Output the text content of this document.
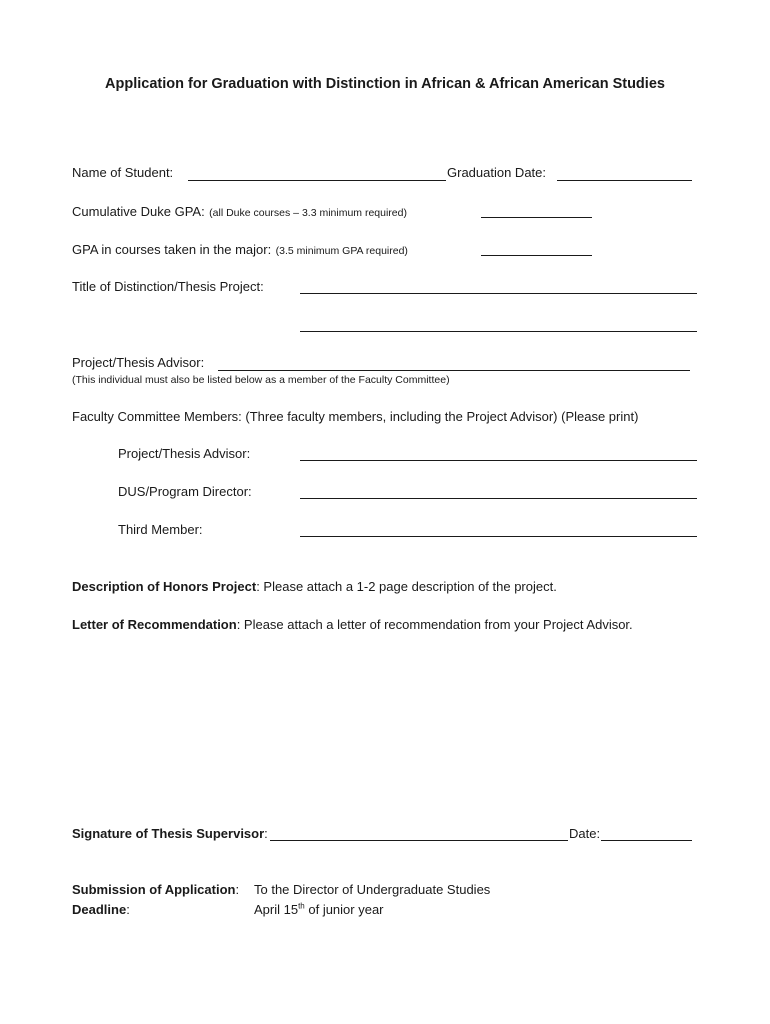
Application for Graduation with Distinction in African & African American Studies
Name of Student:	Graduation Date:
Cumulative Duke GPA: (all Duke courses – 3.3 minimum required)
GPA in courses taken in the major: (3.5 minimum GPA required)
Title of Distinction/Thesis Project:
Project/Thesis Advisor:
(This individual must also be listed below as a member of the Faculty Committee)
Faculty Committee Members: (Three faculty members, including the Project Advisor) (Please print)
Project/Thesis Advisor:
DUS/Program Director:
Third Member:
Description of Honors Project: Please attach a 1-2 page description of the project.
Letter of Recommendation: Please attach a letter of recommendation from your Project Advisor.
Signature of Thesis Supervisor:	Date:
Submission of Application: To the Director of Undergraduate Studies
Deadline:	April 15th of junior year
